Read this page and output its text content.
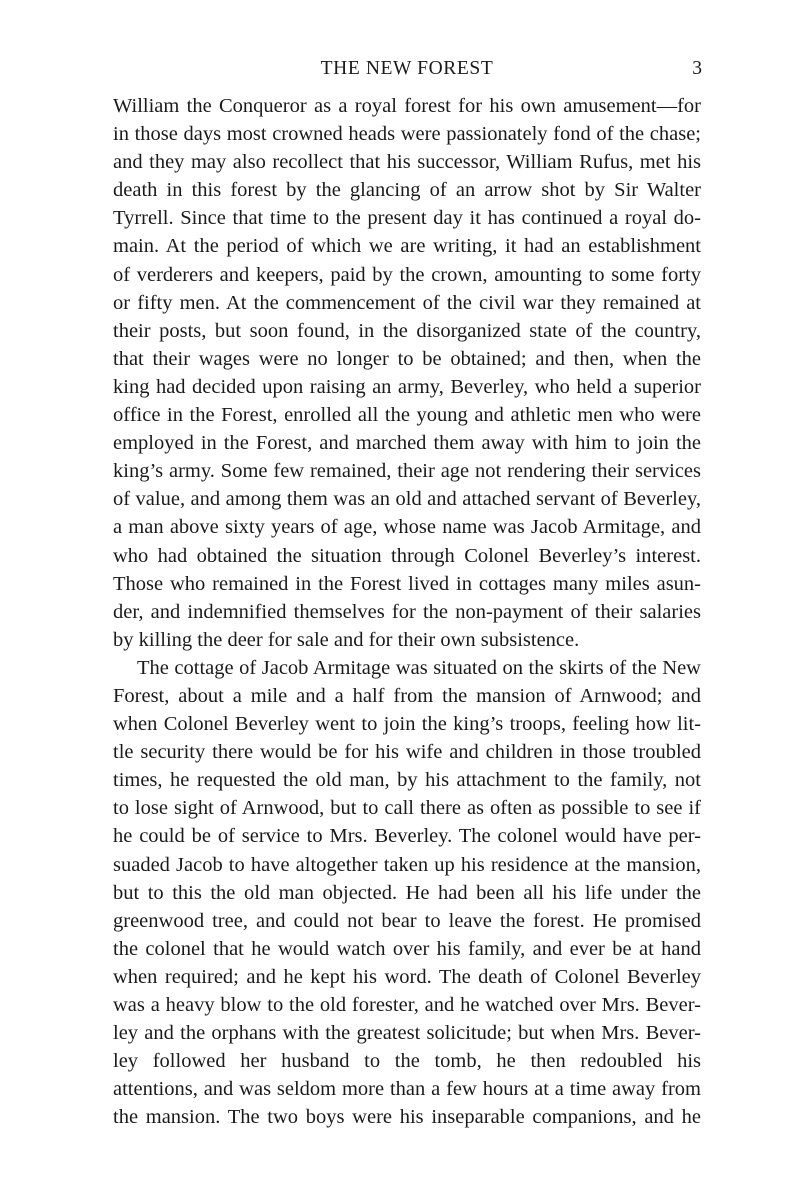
THE NEW FOREST	3
William the Conqueror as a royal forest for his own amusement—for
in those days most crowned heads were passionately fond of the chase;
and they may also recollect that his successor, William Rufus, met his
death in this forest by the glancing of an arrow shot by Sir Walter
Tyrrell. Since that time to the present day it has continued a royal do-
main. At the period of which we are writing, it had an establishment
of verderers and keepers, paid by the crown, amounting to some forty
or fifty men. At the commencement of the civil war they remained at
their posts, but soon found, in the disorganized state of the country,
that their wages were no longer to be obtained; and then, when the
king had decided upon raising an army, Beverley, who held a superior
office in the Forest, enrolled all the young and athletic men who were
employed in the Forest, and marched them away with him to join the
king’s army. Some few remained, their age not rendering their services
of value, and among them was an old and attached servant of Beverley,
a man above sixty years of age, whose name was Jacob Armitage, and
who had obtained the situation through Colonel Beverley’s interest.
Those who remained in the Forest lived in cottages many miles asun-
der, and indemnified themselves for the non-payment of their salaries
by killing the deer for sale and for their own subsistence.
The cottage of Jacob Armitage was situated on the skirts of the New
Forest, about a mile and a half from the mansion of Arnwood; and
when Colonel Beverley went to join the king’s troops, feeling how lit-
tle security there would be for his wife and children in those troubled
times, he requested the old man, by his attachment to the family, not
to lose sight of Arnwood, but to call there as often as possible to see if
he could be of service to Mrs. Beverley. The colonel would have per-
suaded Jacob to have altogether taken up his residence at the mansion,
but to this the old man objected. He had been all his life under the
greenwood tree, and could not bear to leave the forest. He promised
the colonel that he would watch over his family, and ever be at hand
when required; and he kept his word. The death of Colonel Beverley
was a heavy blow to the old forester, and he watched over Mrs. Bever-
ley and the orphans with the greatest solicitude; but when Mrs. Bever-
ley followed her husband to the tomb, he then redoubled his
attentions, and was seldom more than a few hours at a time away from
the mansion. The two boys were his inseparable companions, and he
